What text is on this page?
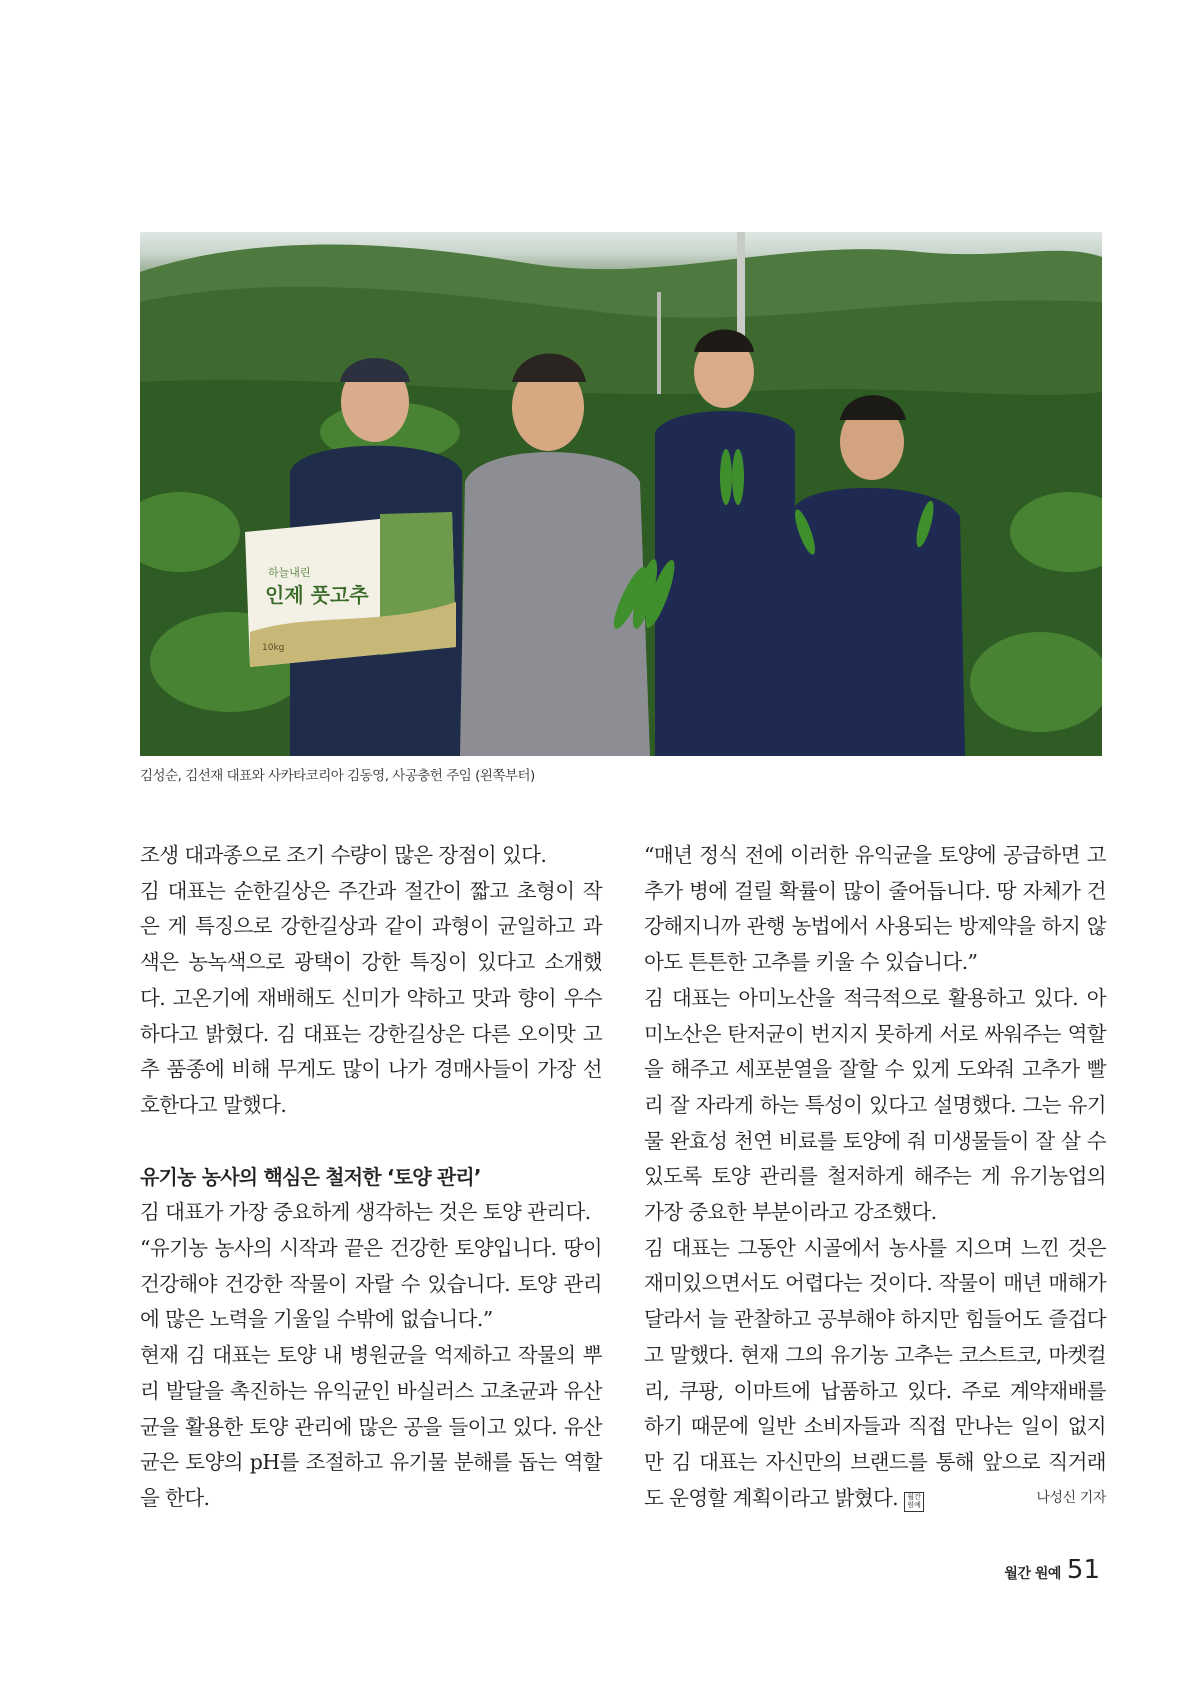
하늘내린
인제 풋고추
10kg
김성순, 김선재 대표와 사카타코리아 김동영, 사공충헌 주임 (왼쪽부터)

조생 대과종으로 조기 수량이 많은 장점이 있다.

김 대표는 순한길상은 주간과 절간이 짧고 초형이 작은 게 특징으로 강한길상과 같이 과형이 균일하고 과색은 농녹색으로 광택이 강한 특징이 있다고 소개했다. 고온기에 재배해도 신미가 약하고 맛과 향이 우수하다고 밝혔다. 김 대표는 강한길상은 다른 오이맛 고추 품종에 비해 무게도 많이 나가 경매사들이 가장 선호한다고 말했다.

유기농 농사의 핵심은 철저한 ‘토양 관리’

김 대표가 가장 중요하게 생각하는 것은 토양 관리다.

“유기농 농사의 시작과 끝은 건강한 토양입니다. 땅이 건강해야 건강한 작물이 자랄 수 있습니다. 토양 관리에 많은 노력을 기울일 수밖에 없습니다.”

현재 김 대표는 토양 내 병원균을 억제하고 작물의 뿌리 발달을 촉진하는 유익균인 바실러스 고초균과 유산균을 활용한 토양 관리에 많은 공을 들이고 있다. 유산균은 토양의 pH를 조절하고 유기물 분해를 돕는 역할을 한다.

“매년 정식 전에 이러한 유익균을 토양에 공급하면 고추가 병에 걸릴 확률이 많이 줄어듭니다. 땅 자체가 건강해지니까 관행 농법에서 사용되는 방제약을 하지 않아도 튼튼한 고추를 키울 수 있습니다.”

김 대표는 아미노산을 적극적으로 활용하고 있다. 아미노산은 탄저균이 번지지 못하게 서로 싸워주는 역할을 해주고 세포분열을 잘할 수 있게 도와줘 고추가 빨리 잘 자라게 하는 특성이 있다고 설명했다. 그는 유기물 완효성 천연 비료를 토양에 줘 미생물들이 잘 살 수 있도록 토양 관리를 철저하게 해주는 게 유기농업의 가장 중요한 부분이라고 강조했다.

김 대표는 그동안 시골에서 농사를 지으며 느낀 것은 재미있으면서도 어렵다는 것이다. 작물이 매년 매해가 달라서 늘 관찰하고 공부해야 하지만 힘들어도 즐겁다고 말했다. 현재 그의 유기농 고추는 코스트코, 마켓컬리, 쿠팡, 이마트에 납품하고 있다. 주로 계약재배를 하기 때문에 일반 소비자들과 직접 만나는 일이 없지만 김 대표는 자신만의 브랜드를 통해 앞으로 직거래도 운영할 계획이라고 밝혔다. 월간 원예	나성신 기자

월간 원예 51
